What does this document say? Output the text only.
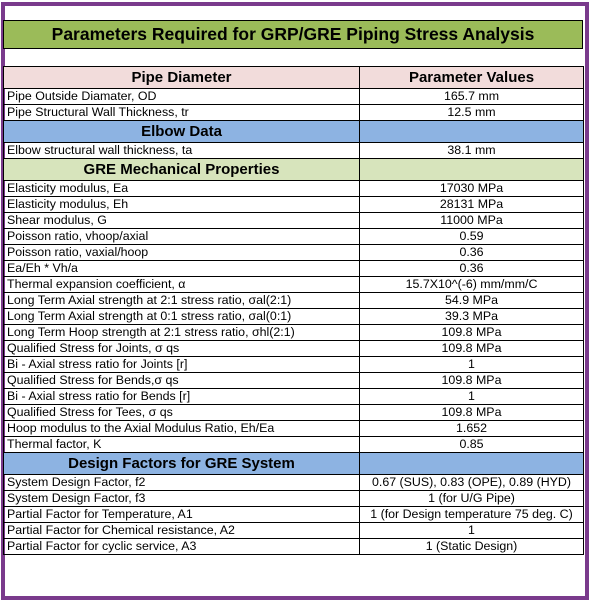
Parameters Required for GRP/GRE Piping Stress Analysis
Pipe Diameter	Parameter Values
Pipe Outside Diamater, OD	165.7 mm
Pipe Structural Wall Thickness, tr	12.5 mm
Elbow Data	
Elbow structural wall thickness, ta	38.1 mm
GRE Mechanical Properties	
Elasticity modulus, Ea	17030 MPa
Elasticity modulus, Eh	28131 MPa
Shear modulus, G	11000 MPa
Poisson ratio, vhoop/axial	0.59
Poisson ratio, vaxial/hoop	0.36
Ea/Eh * Vh/a	0.36
Thermal expansion coefficient, α	15.7X10^(-6) mm/mm/C
Long Term Axial strength at 2:1 stress ratio, σal(2:1)	54.9 MPa
Long Term Axial strength at 0:1 stress ratio, σal(0:1)	39.3 MPa
Long Term Hoop strength at 2:1 stress ratio, σhl(2:1)	109.8 MPa
Qualified Stress for Joints, σ qs	109.8 MPa
Bi - Axial stress ratio for Joints [r]	1
Qualified Stress for Bends,σ qs	109.8 MPa
Bi - Axial stress ratio for Bends [r]	1
Qualified Stress for Tees, σ qs	109.8 MPa
Hoop modulus to the Axial Modulus Ratio, Eh/Ea	1.652
Thermal factor, K	0.85
Design Factors for GRE System	
System Design Factor, f2	0.67 (SUS), 0.83 (OPE), 0.89 (HYD)
System Design Factor, f3	1 (for U/G Pipe)
Partial Factor for Temperature, A1	1 (for Design temperature 75 deg. C)
Partial Factor for Chemical resistance, A2	1
Partial Factor for cyclic service, A3	1 (Static Design)
